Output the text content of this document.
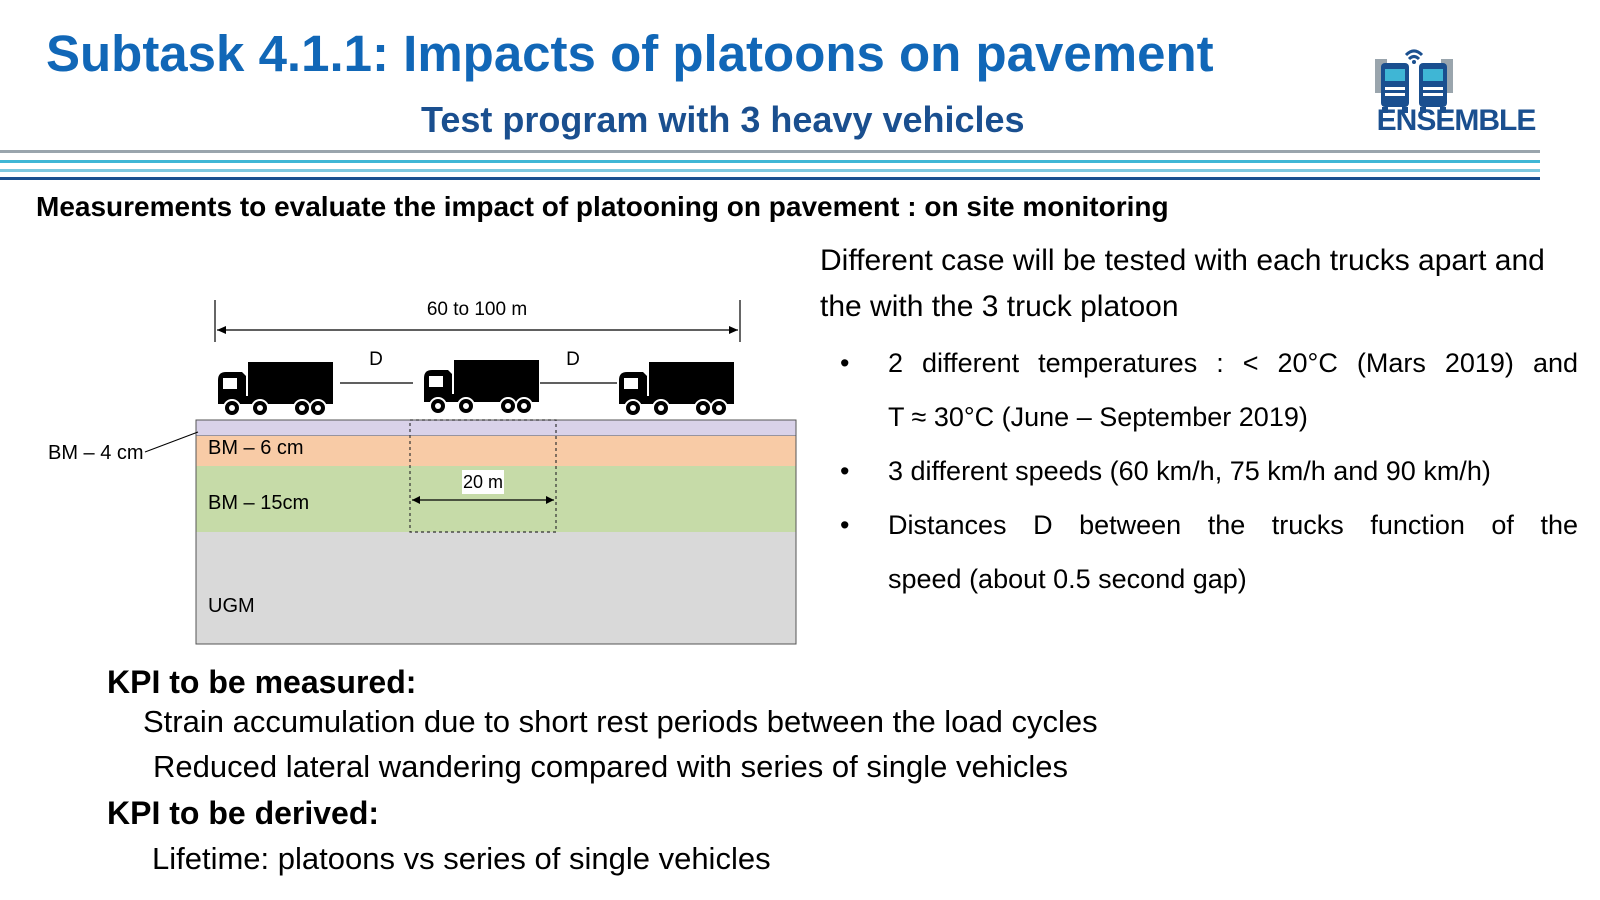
Subtask 4.1.1: Impacts of platoons on pavement
Test program with 3 heavy vehicles	ENSEMBLE
Measurements to evaluate the impact of platooning on pavement : on site monitoring
Different case will be tested with each trucks apart and the with the 3 truck platoon
• 2 different temperatures : < 20°C (Mars 2019) and
T ≈ 30°C (June – September 2019)
• 3 different speeds (60 km/h, 75 km/h and 90 km/h)
• Distances D between the trucks function of the
speed (about 0.5 second gap)
60 to 100 m
20 m
BM – 4 cm	BM – 6 cm
BM – 15cm
UGM
D	D
KPI to be measured:
Strain accumulation due to short rest periods between the load cycles
Reduced lateral wandering compared with series of single vehicles
KPI to be derived:
Lifetime: platoons vs series of single vehicles
